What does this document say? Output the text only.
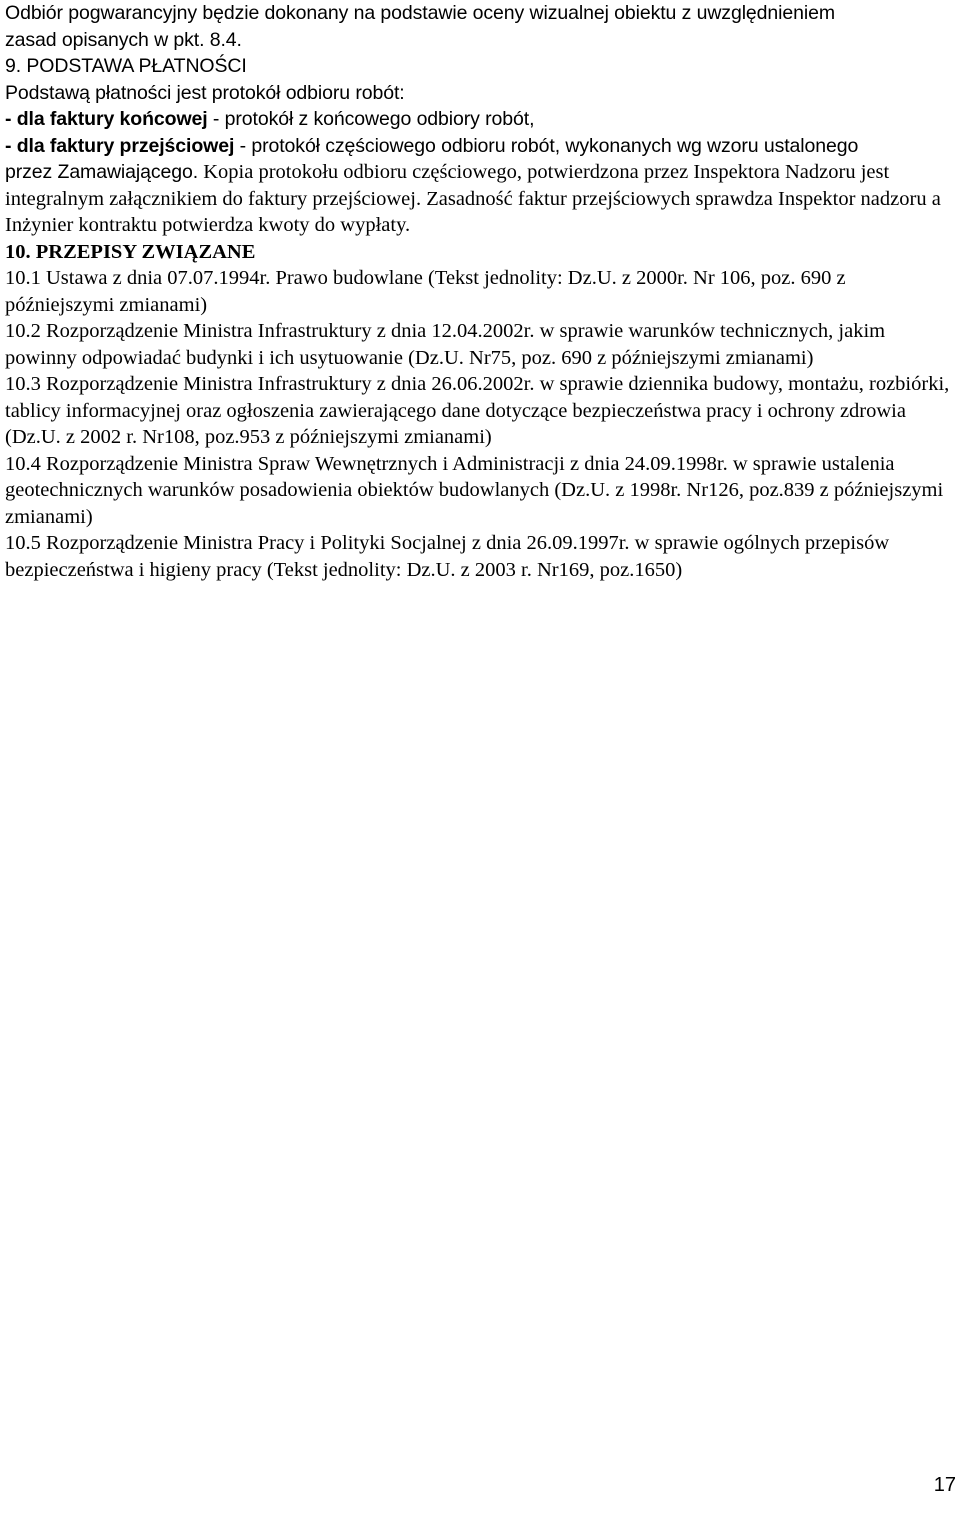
Odbiór pogwarancyjny będzie dokonany na podstawie oceny wizualnej obiektu z uwzględnieniem

zasad opisanych w pkt. 8.4.

9. PODSTAWA PŁATNOŚCI

Podstawą płatności jest protokół odbioru robót:

- dla faktury końcowej - protokół z końcowego odbiory robót,

- dla faktury przejściowej - protokół częściowego odbioru robót, wykonanych wg wzoru ustalonego

przez Zamawiającego. Kopia protokołu odbioru częściowego, potwierdzona przez Inspektora Nadzoru jest integralnym załącznikiem do faktury przejściowej. Zasadność faktur przejściowych sprawdza Inspektor nadzoru a Inżynier kontraktu potwierdza kwoty do wypłaty.

10. PRZEPISY ZWIĄZANE

10.1 Ustawa z dnia 07.07.1994r. Prawo budowlane (Tekst jednolity: Dz.U. z 2000r. Nr 106, poz. 690 z późniejszymi zmianami)

10.2 Rozporządzenie Ministra Infrastruktury z dnia 12.04.2002r. w sprawie warunków technicznych, jakim powinny odpowiadać budynki i ich usytuowanie (Dz.U. Nr75, poz. 690 z późniejszymi zmianami)

10.3 Rozporządzenie Ministra Infrastruktury z dnia 26.06.2002r. w sprawie dziennika budowy, montażu, rozbiórki, tablicy informacyjnej oraz ogłoszenia zawierającego dane dotyczące bezpieczeństwa pracy i ochrony zdrowia (Dz.U. z 2002 r. Nr108, poz.953 z późniejszymi zmianami)

10.4 Rozporządzenie Ministra Spraw Wewnętrznych i Administracji z dnia 24.09.1998r. w sprawie ustalenia geotechnicznych warunków posadowienia obiektów budowlanych (Dz.U. z 1998r. Nr126, poz.839 z późniejszymi zmianami)

10.5 Rozporządzenie Ministra Pracy i Polityki Socjalnej z dnia 26.09.1997r. w sprawie ogólnych przepisów bezpieczeństwa i higieny pracy (Tekst jednolity: Dz.U. z 2003 r. Nr169, poz.1650)

17
